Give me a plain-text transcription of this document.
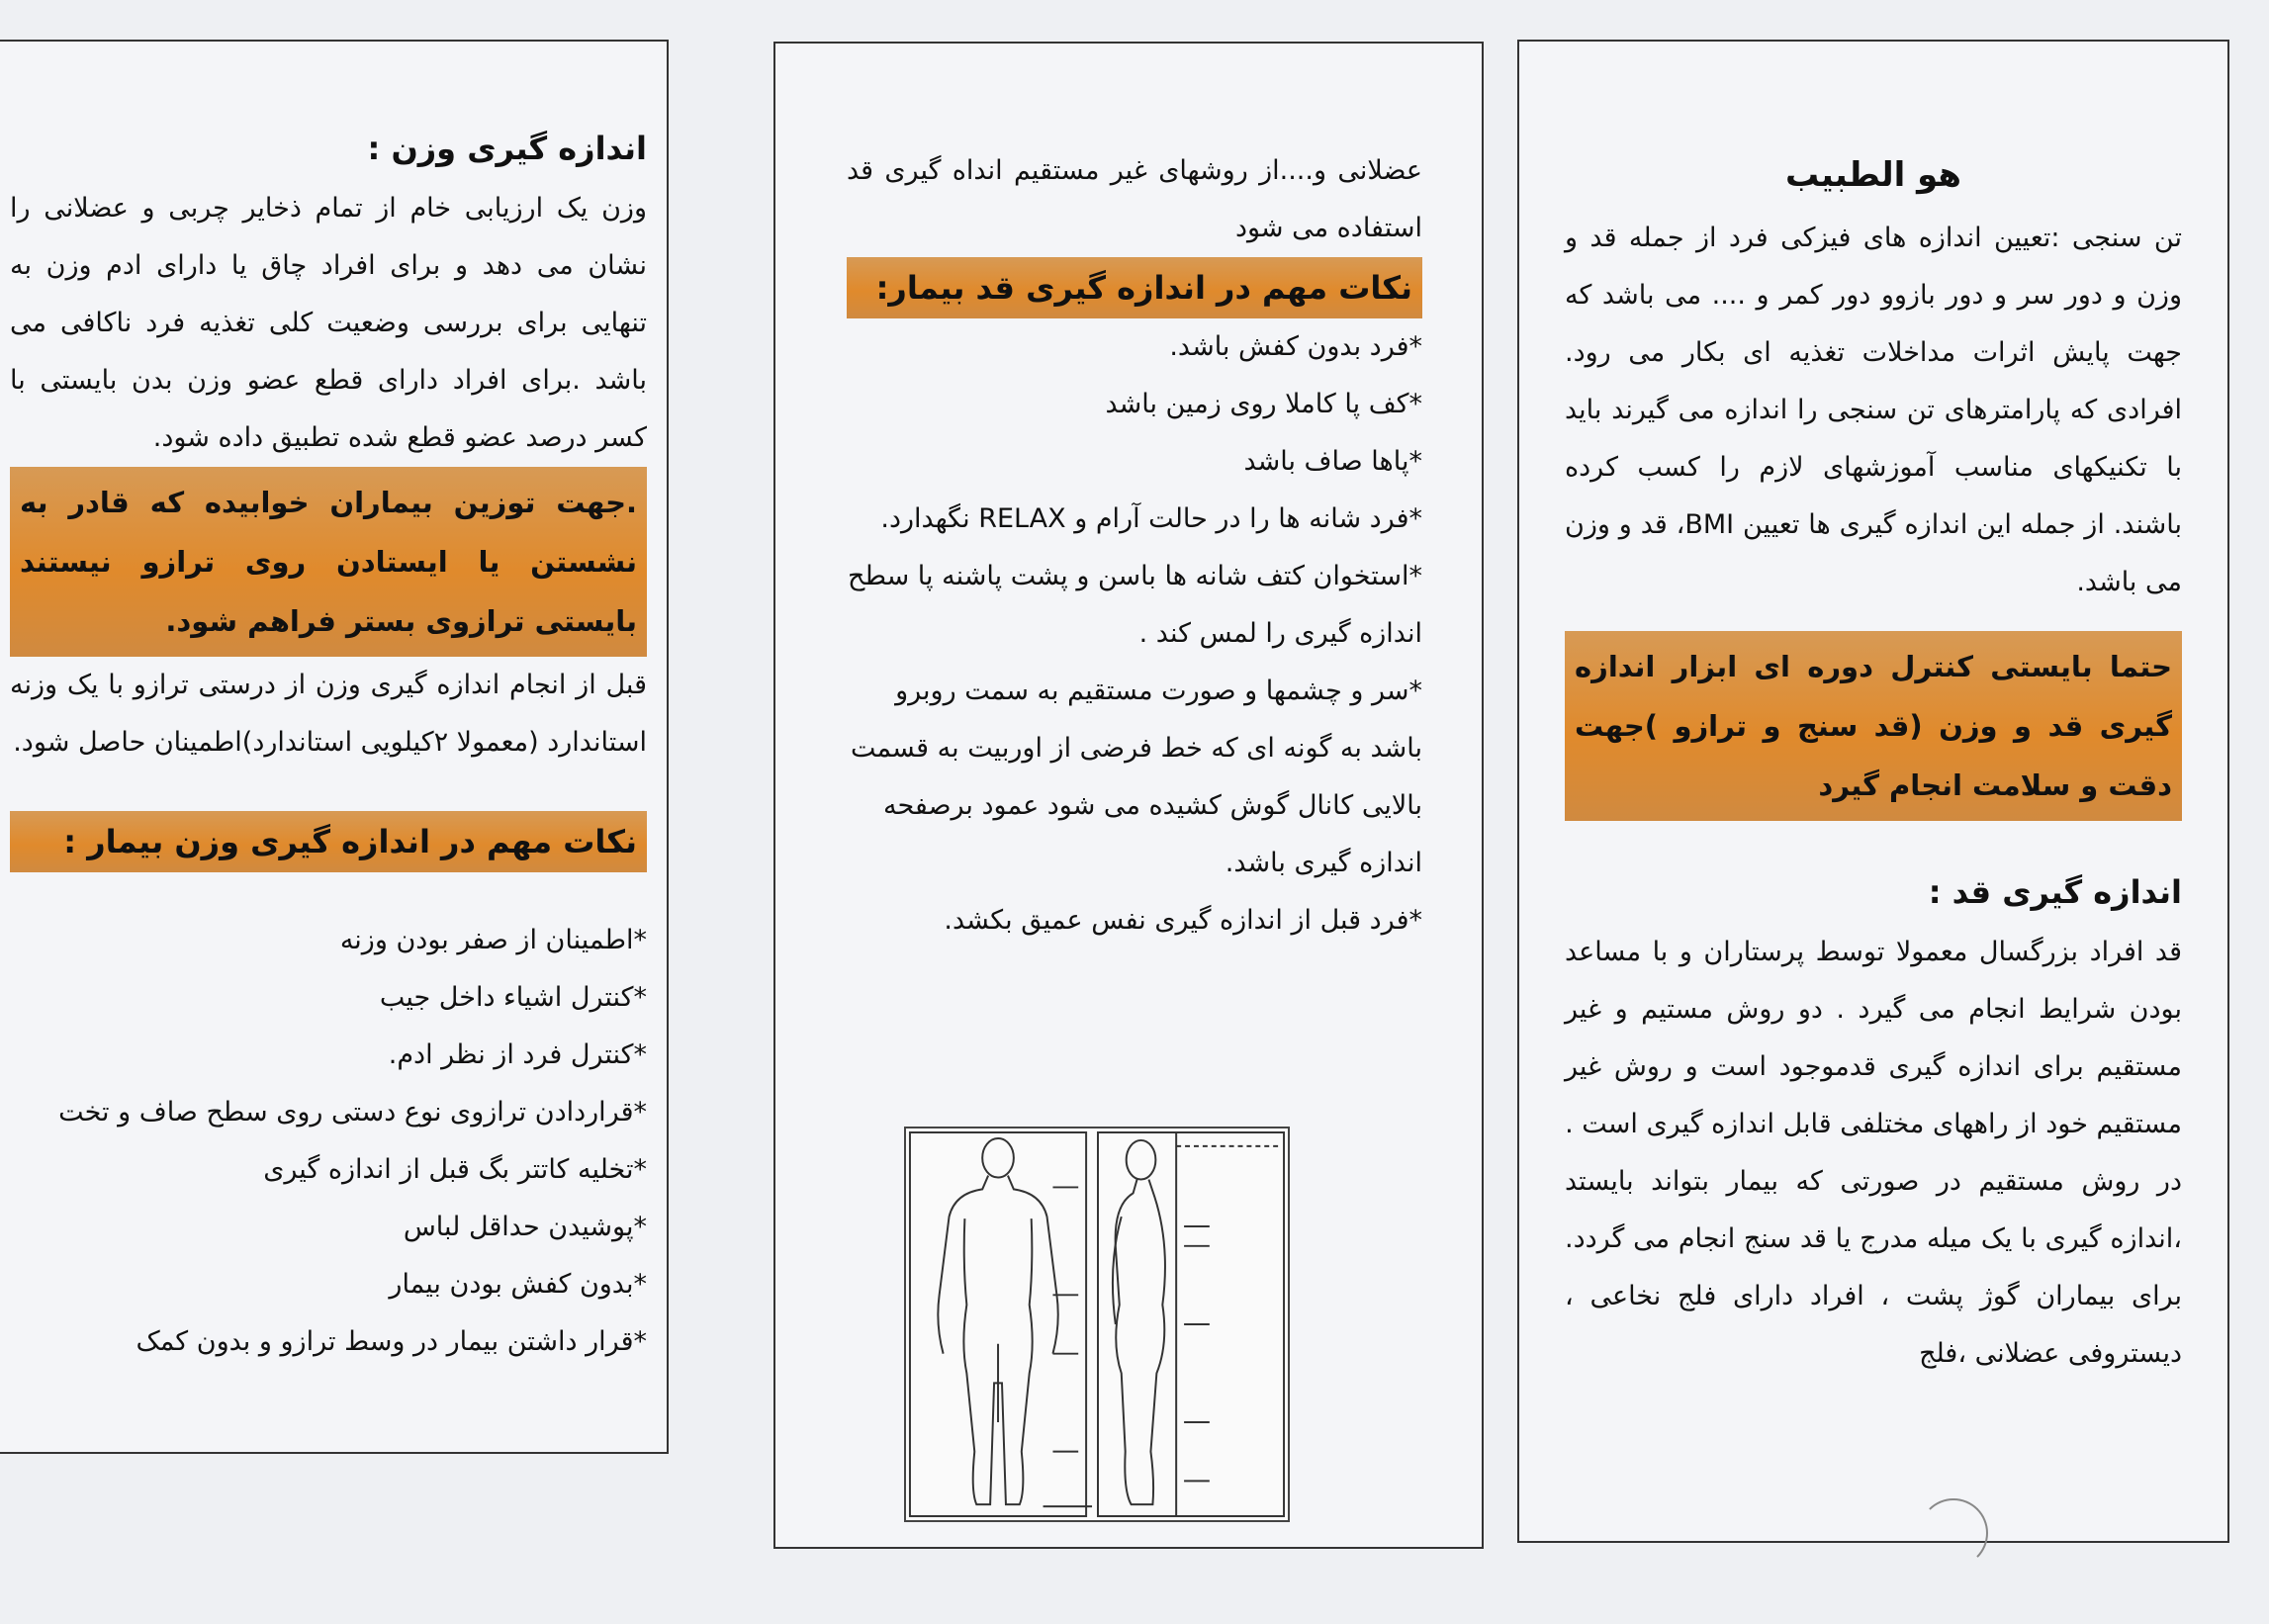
هو الطبیب

تن سنجی :تعیین اندازه های فیزکی فرد از جمله قد و وزن و دور سر و دور بازوو دور کمر و .... می باشد که جهت پایش اثرات مداخلات تغذیه ای بکار می رود. افرادی که پارامترهای تن سنجی را اندازه می گیرند باید با تکنیکهای مناسب آموزشهای لازم را کسب کرده باشند. از جمله این اندازه گیری ها تعیین BMI، قد و وزن می باشد.

حتما بایستی کنترل دوره ای ابزار اندازه گیری قد و وزن (قد سنج و ترازو )جهت دقت و سلامت انجام گیرد

اندازه گیری قد :

قد افراد بزرگسال معمولا توسط پرستاران و با مساعد بودن شرایط انجام می گیرد . دو روش مستیم و غیر مستقیم برای اندازه گیری قدموجود است و روش غیر مستقیم خود از راههای مختلفی قابل اندازه گیری است .

در روش مستقیم در صورتی که بیمار بتواند بایستد ،اندازه گیری با یک میله مدرج یا قد سنج انجام می گردد. برای بیماران گوژ پشت ، افراد دارای فلج نخاعی ، دیستروفی عضلانی ،فلج

عضلانی و....از روشهای غیر مستقیم انداه گیری قد استفاده می شود

نکات مهم در اندازه گیری قد بیمار:
*فرد بدون کفش باشد.
*کف پا کاملا روی زمین باشد
*پاها صاف باشد
*فرد شانه ها را در حالت آرام و RELAX نگهدارد.
*استخوان کتف شانه ها باسن و پشت پاشنه پا سطح اندازه گیری را لمس کند .
*سر و چشمها و صورت مستقیم به سمت روبرو باشد به گونه ای که خط فرضی از اوربیت به قسمت بالایی کانال گوش کشیده می شود عمود برصفحه اندازه گیری باشد.
*فرد قبل از اندازه گیری نفس عمیق بکشد.
اندازه گیری وزن :

وزن یک ارزیابی خام از تمام ذخایر چربی و عضلانی را نشان می دهد و برای افراد چاق یا دارای ادم وزن به تنهایی برای بررسی وضعیت کلی تغذیه فرد ناکافی می باشد .برای افراد دارای قطع عضو وزن بدن بایستی با کسر درصد عضو قطع شده تطبیق داده شود.

.جهت توزین بیماران خوابیده که قادر به نشستن یا ایستادن روی ترازو نیستند بایستی ترازوی بستر فراهم شود.

قبل از انجام اندازه گیری وزن از درستی ترازو با یک وزنه استاندارد (معمولا ۲کیلویی استاندارد)اطمینان حاصل شود.

نکات مهم در اندازه گیری وزن بیمار :
*اطمینان از صفر بودن وزنه
*کنترل اشیاء داخل جیب
*کنترل فرد از نظر ادم.
*قراردادن ترازوی نوع دستی روی سطح صاف و تخت
*تخلیه کاتتر بگ قبل از اندازه گیری
*پوشیدن حداقل لباس
*بدون کفش بودن بیمار
*قرار داشتن بیمار در وسط ترازو و بدون کمک
